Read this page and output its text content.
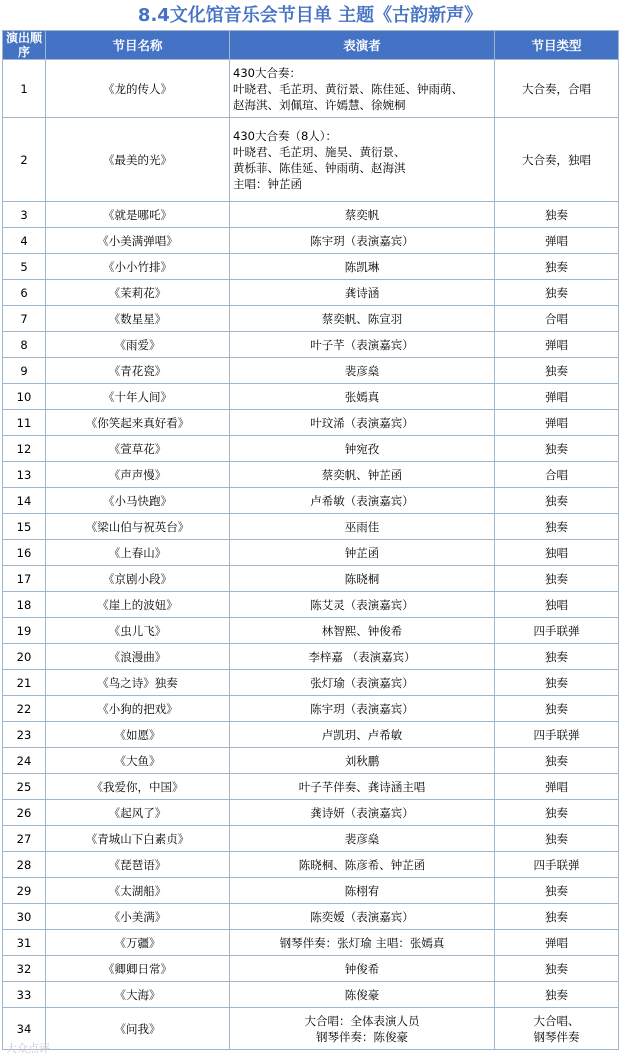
8.4文化馆音乐会节目单 主题《古韵新声》
演出顺序	节目名称	表演者	节目类型
1	《龙的传人》	430大合奏：
叶晓君、毛芷玥、黄衍景、陈佳延、钟雨萌、
赵海淇、刘佩瑄、许嫣慧、徐婉桐	大合奏，合唱
2	《最美的光》	430大合奏（8人）：
叶晓君、毛芷玥、施昊、黄衍景、
黄栎菲、陈佳延、钟雨萌、赵海淇
主唱：钟芷函	大合奏，独唱
3	《就是哪吒》	蔡奕帆	独奏
4	《小美满弹唱》	陈宇玥（表演嘉宾）	弹唱
5	《小小竹排》	陈凯琳	独奏
6	《茉莉花》	龚诗涵	独奏
7	《数星星》	蔡奕帆、陈宣羽	合唱
8	《雨爱》	叶子芊（表演嘉宾）	弹唱
9	《青花瓷》	裴彦燊	独奏
10	《十年人间》	张嫣真	弹唱
11	《你笑起来真好看》	叶玟浠（表演嘉宾）	弹唱
12	《萱草花》	钟宛孜	独奏
13	《声声慢》	蔡奕帆、钟芷函	合唱
14	《小马快跑》	卢希敏（表演嘉宾）	独奏
15	《梁山伯与祝英台》	巫雨佳	独奏
16	《上春山》	钟芷函	独唱
17	《京剧小段》	陈晓桐	独奏
18	《崖上的波妞》	陈艾灵（表演嘉宾）	独唱
19	《虫儿飞》	林智熙、钟俊希	四手联弹
20	《浪漫曲》	李梓嘉 （表演嘉宾）	独奏
21	《鸟之诗》独奏	张灯瑜（表演嘉宾）	独奏
22	《小狗的把戏》	陈宇玥（表演嘉宾）	独奏
23	《如愿》	卢凯玥、卢希敏	四手联弹
24	《大鱼》	刘秋鹏	独奏
25	《我爱你，中国》	叶子芊伴奏、龚诗涵主唱	弹唱
26	《起风了》	龚诗妍（表演嘉宾）	独奏
27	《青城山下白素贞》	裴彦燊	独奏
28	《琵琶语》	陈晓桐、陈彦希、钟芷函	四手联弹
29	《太湖船》	陈栩宥	独奏
30	《小美满》	陈奕嫒（表演嘉宾）	独奏
31	《万疆》	钢琴伴奏：张灯瑜 主唱：张嫣真	弹唱
32	《卿卿日常》	钟俊希	独奏
33	《大海》	陈俊豪	独奏
34	《问我》	大合唱：全体表演人员
钢琴伴奏：陈俊豪	大合唱、
钢琴伴奏
大众点评
